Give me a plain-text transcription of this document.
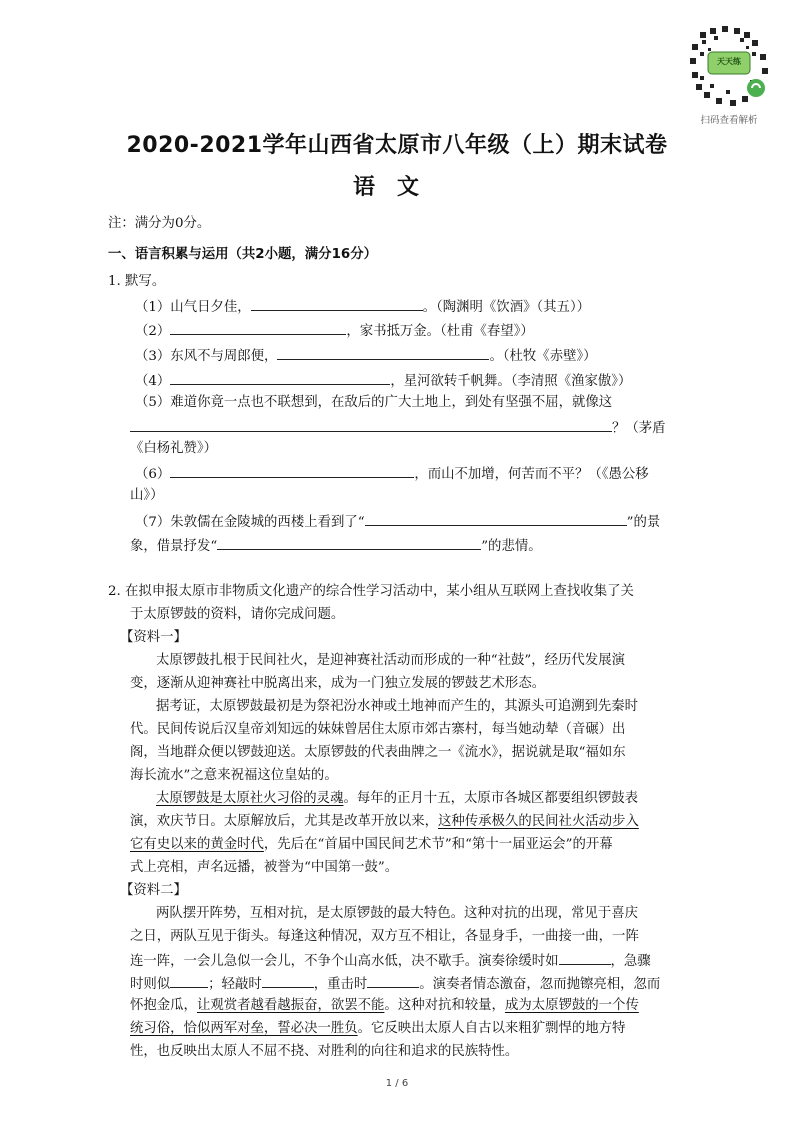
天天练
扫码查看解析
2020-2021学年山西省太原市八年级（上）期末试卷
语文
注：满分为0分。
一、语言积累与运用（共2小题，满分16分）
1. 默写。
（1）山气日夕佳，	。（陶渊明《饮酒》（其五））
（2）	，家书抵万金。（杜甫《春望》）
（3）东风不与周郎便，	。（杜牧《赤壁》）
（4）	，星河欲转千帆舞。（李清照《渔家傲》）
（5）难道你竟一点也不联想到，在敌后的广大土地上，到处有坚强不屈，就像这
？（茅盾
《白杨礼赞》）
（6）	，而山不加增，何苦而不平？（《愚公移
山》）
（7）朱敦儒在金陵城的西楼上看到了“	”的景
象，借景抒发“	”的悲情。
2. 在拟申报太原市非物质文化遗产的综合性学习活动中，某小组从互联网上查找收集了关
于太原锣鼓的资料，请你完成问题。
【资料一】
太原锣鼓扎根于民间社火，是迎神赛社活动而形成的一种“社鼓”，经历代发展演
变，逐渐从迎神赛社中脱离出来，成为一门独立发展的锣鼓艺术形态。
据考证，太原锣鼓最初是为祭祀汾水神或土地神而产生的，其源头可追溯到先秦时
代。民间传说后汉皇帝刘知远的妹妹曾居住太原市郊古寨村，每当她动辇（音碾）出
阁，当地群众便以锣鼓迎送。太原锣鼓的代表曲牌之一《流水》，据说就是取“福如东
海长流水”之意来祝福这位皇姑的。
太原锣鼓是太原社火习俗的灵魂。每年的正月十五，太原市各城区都要组织锣鼓表
演，欢庆节日。太原解放后，尤其是改革开放以来，这种传承极久的民间社火活动步入
它有史以来的黄金时代，先后在“首届中国民间艺术节”和“第十一届亚运会”的开幕
式上亮相，声名远播，被誉为“中国第一鼓”。
【资料二】
两队摆开阵势，互相对抗，是太原锣鼓的最大特色。这种对抗的出现，常见于喜庆
之日，两队互见于街头。每逢这种情况，双方互不相让，各显身手，一曲接一曲，一阵
连一阵，一会儿急似一会儿，不争个山高水低，决不歇手。演奏徐缓时如	，急骤
时则似	；轻敲时	，重击时	。演奏者情态激奋，忽而抛镲亮相，忽而
怀抱金瓜，让观赏者越看越振奋，欲罢不能。这种对抗和较量，成为太原锣鼓的一个传
统习俗，恰似两军对垒，誓必决一胜负。它反映出太原人自古以来粗犷剽悍的地方特
性，也反映出太原人不屈不挠、对胜利的向往和追求的民族特性。
1 / 6
